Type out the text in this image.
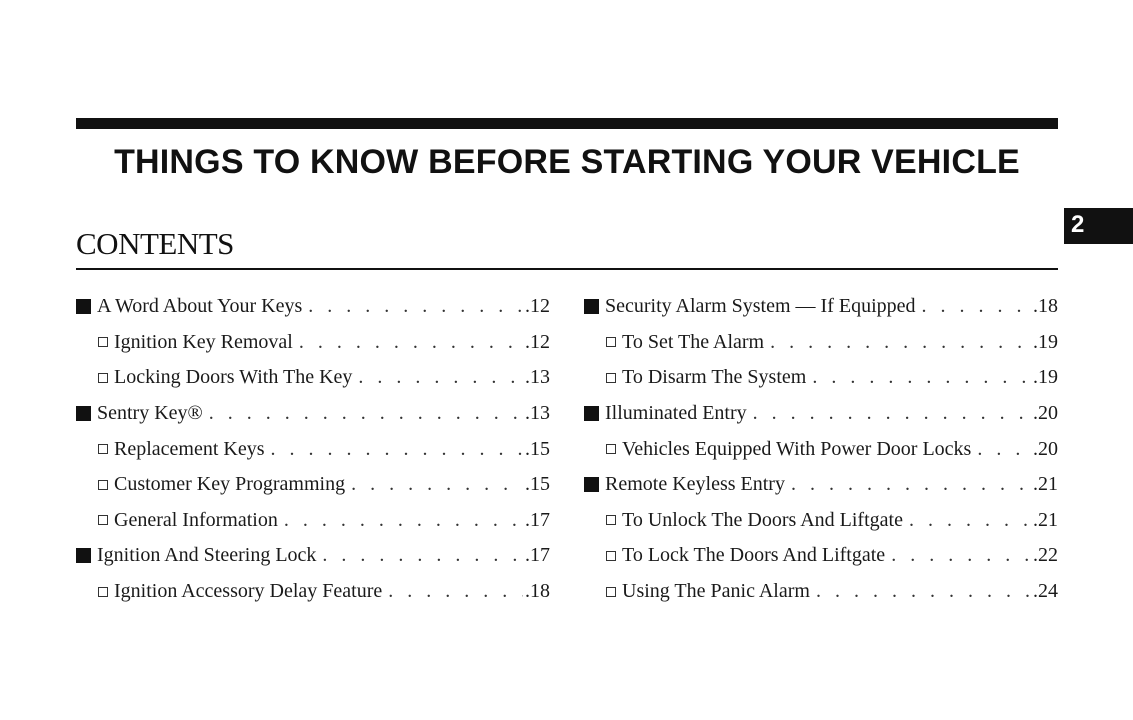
THINGS TO KNOW BEFORE STARTING YOUR VEHICLE
2
CONTENTS
A Word About Your Keys . . .	.12
Ignition Key Removal . . .	.12
Locking Doors With The Key . . .	.13
Sentry Key® . . .	.13
Replacement Keys . . .	.15
Customer Key Programming . . .	.15
General Information . . .	.17
Ignition And Steering Lock . . .	.17
Ignition Accessory Delay Feature . . .	.18
Security Alarm System — If Equipped . . .	.18
To Set The Alarm . . .	.19
To Disarm The System . . .	.19
Illuminated Entry . . .	.20
Vehicles Equipped With Power Door Locks . . .	.20
Remote Keyless Entry . . .	.21
To Unlock The Doors And Liftgate . . .	.21
To Lock The Doors And Liftgate . . .	.22
Using The Panic Alarm . . .	.24
